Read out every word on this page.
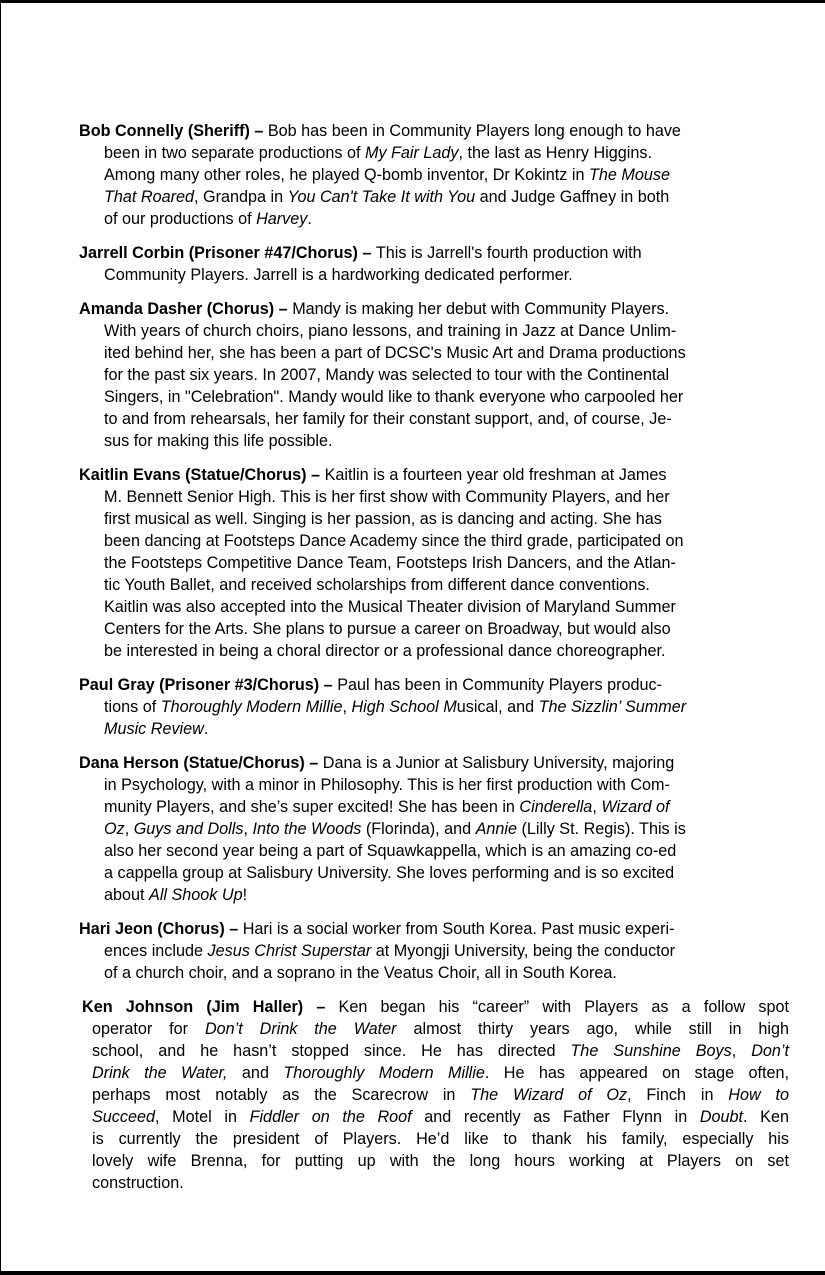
Bob Connelly (Sheriff) – Bob has been in Community Players long enough to have
been in two separate productions of My Fair Lady, the last as Henry Higgins.
Among many other roles, he played Q-bomb inventor, Dr Kokintz in The Mouse
That Roared, Grandpa in You Can't Take It with You and Judge Gaffney in both
of our productions of Harvey.

Jarrell Corbin (Prisoner #47/Chorus) – This is Jarrell's fourth production with
Community Players. Jarrell is a hardworking dedicated performer.

Amanda Dasher (Chorus) – Mandy is making her debut with Community Players.
With years of church choirs, piano lessons, and training in Jazz at Dance Unlim-
ited behind her, she has been a part of DCSC's Music Art and Drama productions
for the past six years. In 2007, Mandy was selected to tour with the Continental
Singers, in "Celebration". Mandy would like to thank everyone who carpooled her
to and from rehearsals, her family for their constant support, and, of course, Je-
sus for making this life possible.

Kaitlin Evans (Statue/Chorus) – Kaitlin is a fourteen year old freshman at James
M. Bennett Senior High. This is her first show with Community Players, and her
first musical as well. Singing is her passion, as is dancing and acting. She has
been dancing at Footsteps Dance Academy since the third grade, participated on
the Footsteps Competitive Dance Team, Footsteps Irish Dancers, and the Atlan-
tic Youth Ballet, and received scholarships from different dance conventions.
Kaitlin was also accepted into the Musical Theater division of Maryland Summer
Centers for the Arts. She plans to pursue a career on Broadway, but would also
be interested in being a choral director or a professional dance choreographer.

Paul Gray (Prisoner #3/Chorus) – Paul has been in Community Players produc-
tions of Thoroughly Modern Millie, High School Musical, and The Sizzlin’ Summer
Music Review.

Dana Herson (Statue/Chorus) – Dana is a Junior at Salisbury University, majoring
in Psychology, with a minor in Philosophy. This is her first production with Com-
munity Players, and she’s super excited! She has been in Cinderella, Wizard of
Oz, Guys and Dolls, Into the Woods (Florinda), and Annie (Lilly St. Regis). This is
also her second year being a part of Squawkappella, which is an amazing co-ed
a cappella group at Salisbury University. She loves performing and is so excited
about All Shook Up!

Hari Jeon (Chorus) – Hari is a social worker from South Korea. Past music experi-
ences include Jesus Christ Superstar at Myongji University, being the conductor
of a church choir, and a soprano in the Veatus Choir, all in South Korea.

Ken Johnson (Jim Haller) – Ken began his “career” with Players as a follow spot
operator for Don’t Drink the Water almost thirty years ago, while still in high
school, and he hasn’t stopped since. He has directed The Sunshine Boys, Don’t
Drink the Water, and Thoroughly Modern Millie. He has appeared on stage often,
perhaps most notably as the Scarecrow in The Wizard of Oz, Finch in How to
Succeed, Motel in Fiddler on the Roof and recently as Father Flynn in Doubt. Ken
is currently the president of Players. He’d like to thank his family, especially his
lovely wife Brenna, for putting up with the long hours working at Players on set
construction.
